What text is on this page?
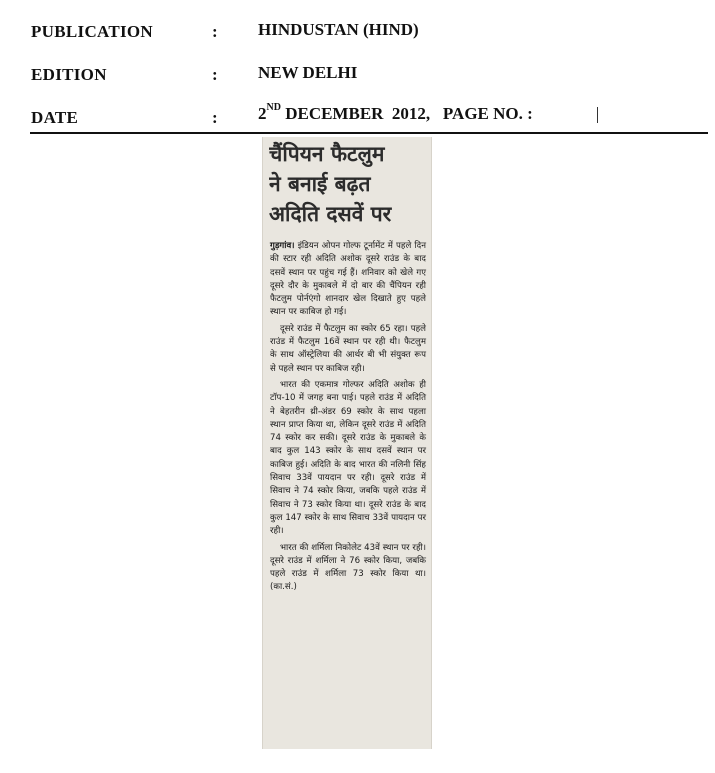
PUBLICATION	: HINDUSTAN (HIND)
EDITION	: NEW DELHI
DATE	: 2ND DECEMBER  2012,   PAGE NO. :
चैंपियन फैटलुम
ने बनाई बढ़त
अदिति दसवें पर

गुड़गांव। इंडियन ओपन गोल्फ टूर्नामेंट में पहले दिन की स्टार रही अदिति अशोक दूसरे राउंड के बाद दसवें स्थान पर पहुंच गई हैं। शनिवार को खेले गए दूसरे दौर के मुकाबले में दो बार की चैंपियन रही फैटलुम पोर्नएंगो शानदार खेल दिखाते हुए पहले स्थान पर काबिज हो गई।

दूसरे राउंड में फैटलुम का स्कोर 65 रहा। पहले राउंड में फैटलुम 16वें स्थान पर रही थी। फैटलुम के साथ ऑस्ट्रेलिया की आर्थर बी भी संयुक्त रूप से पहले स्थान पर काबिज रही।

भारत की एकमात्र गोल्फर अदिति अशोक ही टॉप-10 में जगह बना पाई। पहले राउंड में अदिति ने बेहतरीन थ्री-अंडर 69 स्कोर के साथ पहला स्थान प्राप्त किया था, लेकिन दूसरे राउंड में अदिति 74 स्कोर कर सकी। दूसरे राउंड के मुकाबले के बाद कुल 143 स्कोर के साथ दसवें स्थान पर काबिज हुई। अदिति के बाद भारत की नलिनी सिंह सिवाच 33वें पायदान पर रही। दूसरे राउंड में सिवाच ने 74 स्कोर किया, जबकि पहले राउंड में सिवाच ने 73 स्कोर किया था। दूसरे राउंड के बाद कुल 147 स्कोर के साथ सिवाच 33वें पायदान पर रही।

भारत की शर्मिला निकोलेट 43वें स्थान पर रही। दूसरे राउंड में शर्मिला ने 76 स्कोर किया, जबकि पहले राउंड में शर्मिला 73 स्कोर किया था। (का.सं.)
